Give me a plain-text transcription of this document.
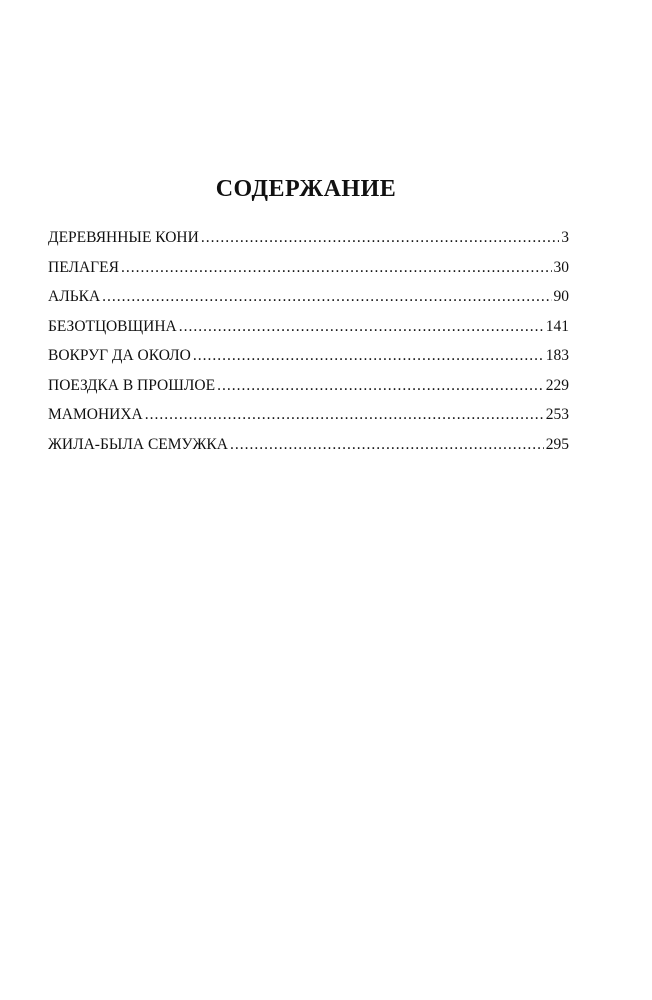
СОДЕРЖАНИЕ
ДЕРЕВЯННЫЕ КОНИ .....	3
ПЕЛАГЕЯ .....	30
АЛЬКА .....	90
БЕЗОТЦОВЩИНА .....	141
ВОКРУГ ДА ОКОЛО .....	183
ПОЕЗДКА В ПРОШЛОЕ .....	229
МАМОНИХА .....	253
ЖИЛА-БЫЛА СЕМУЖКА .....	295
